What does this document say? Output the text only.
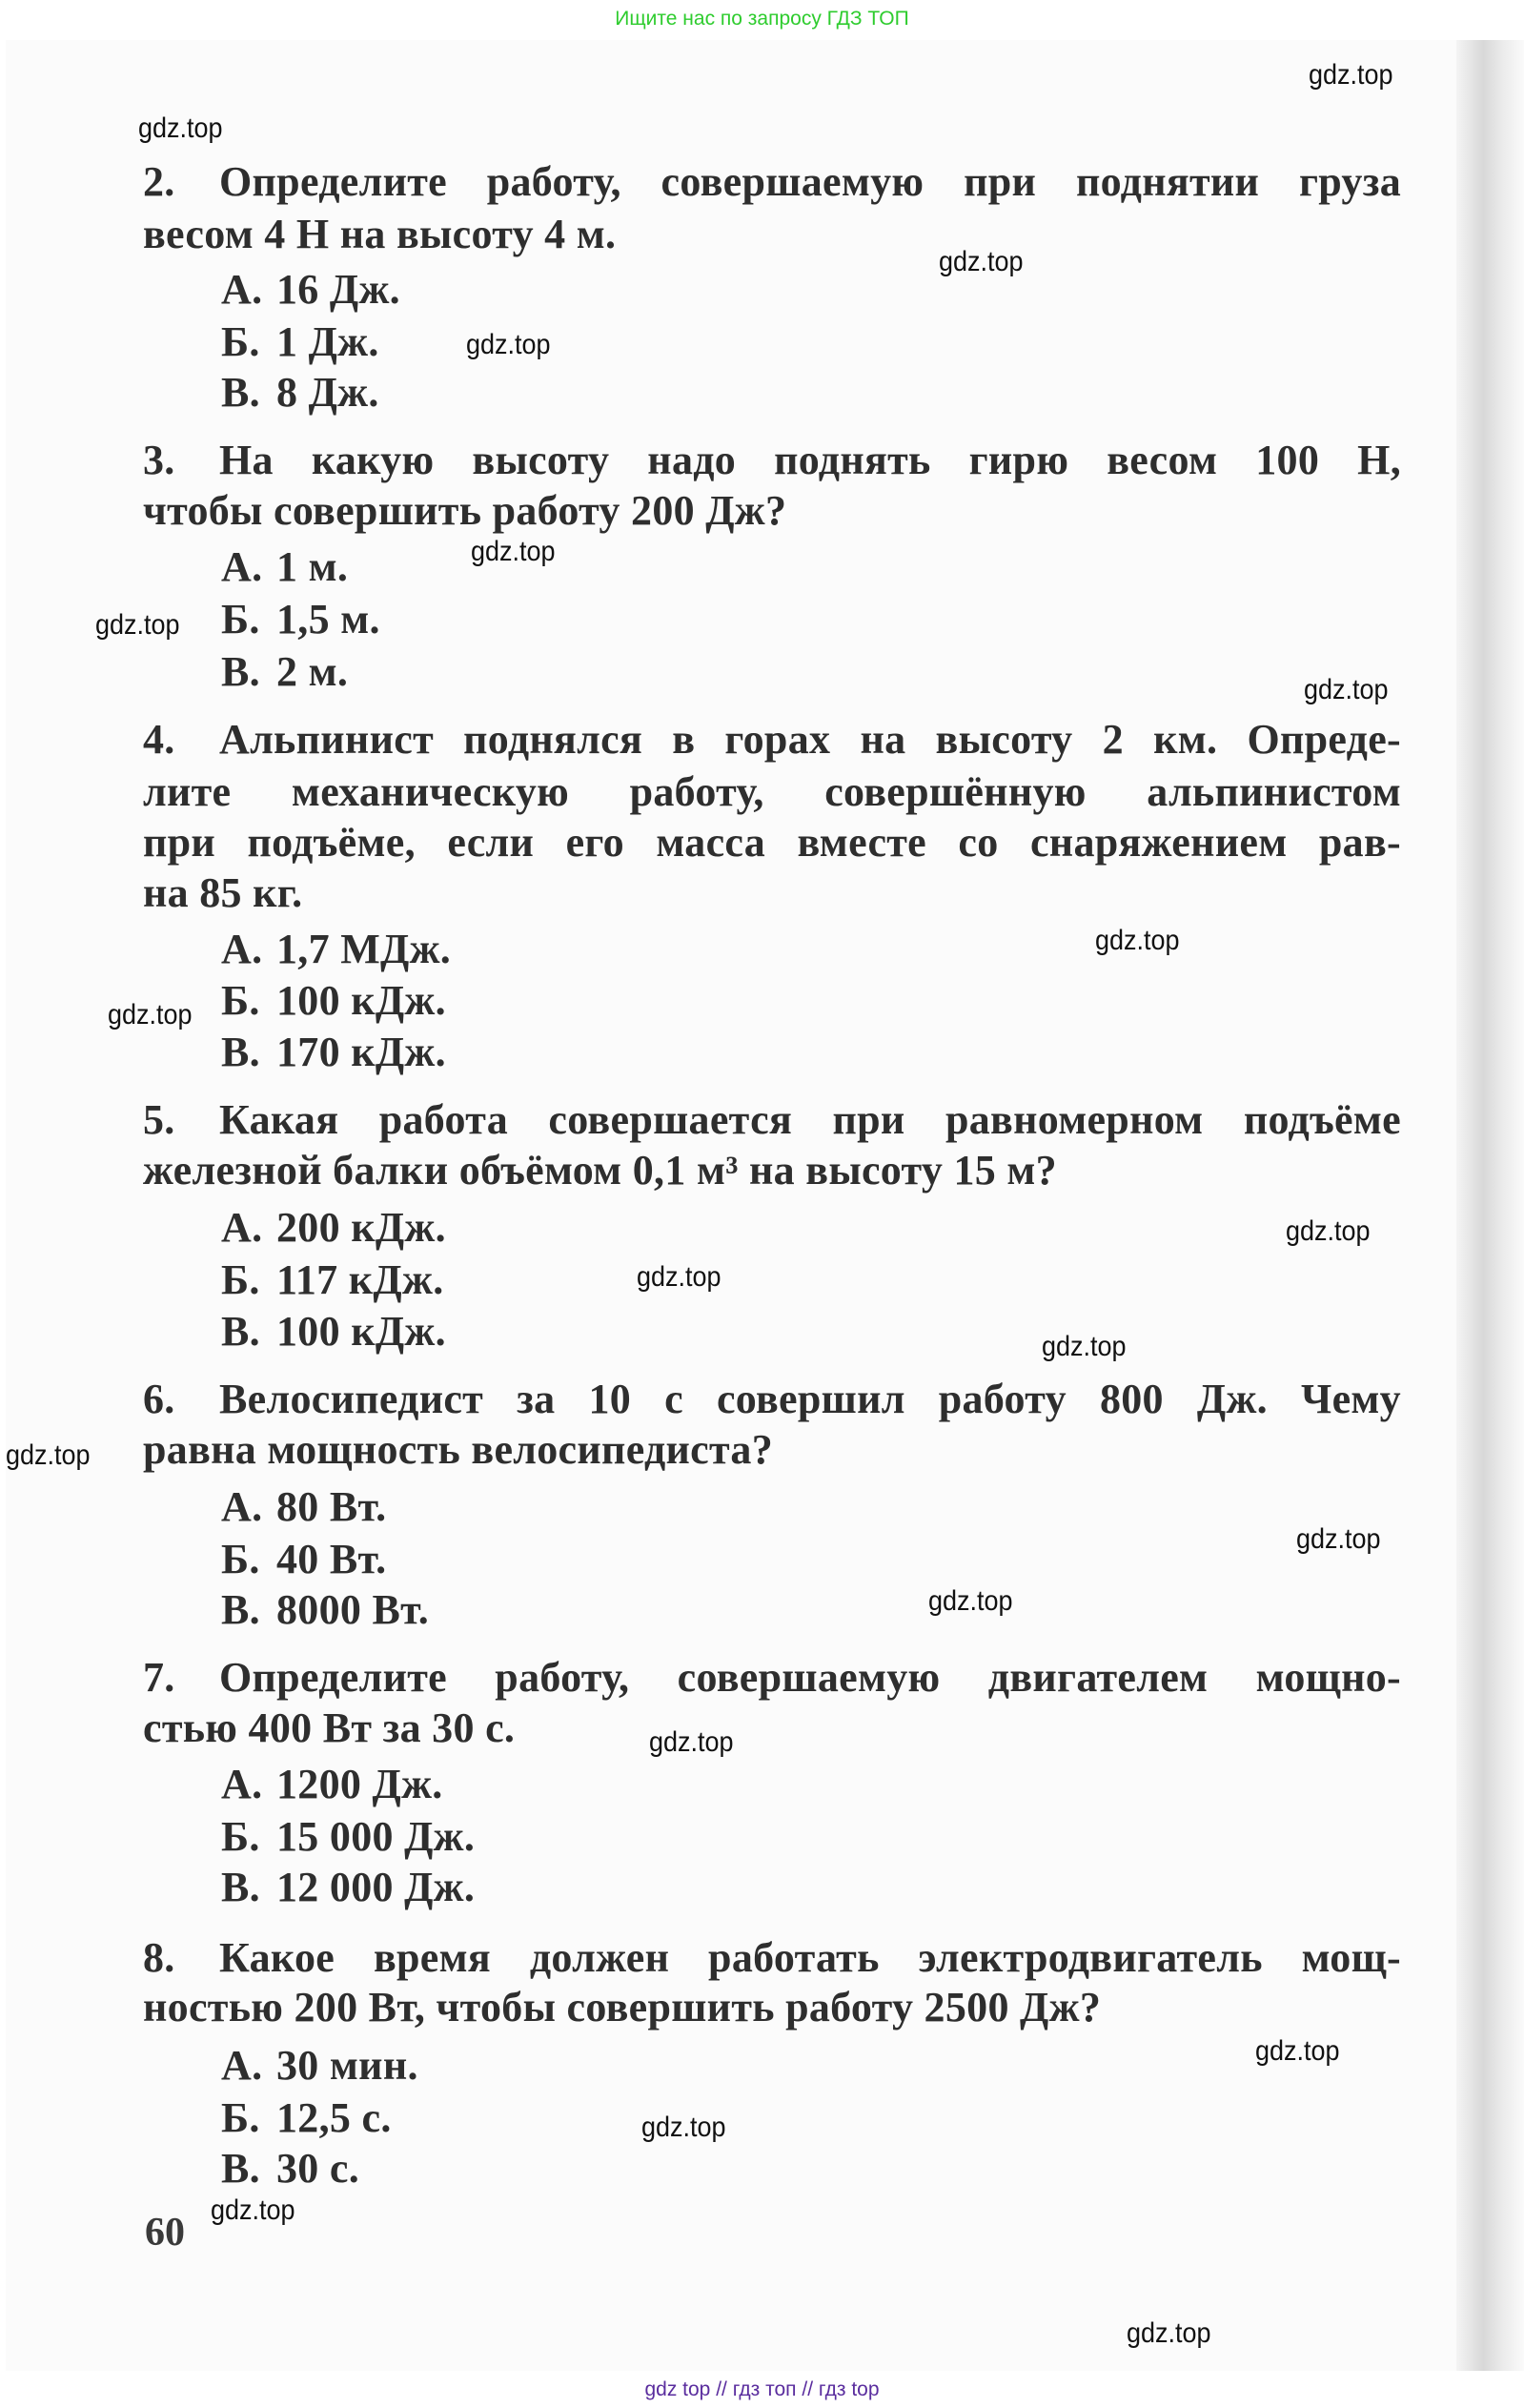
Ищите нас по запросу ГДЗ ТОП
2. Определите работу, совершаемую при поднятии груза
весом 4 Н на высоту 4 м.
А. 16 Дж.
Б. 1 Дж.
В. 8 Дж.
3. На какую высоту надо поднять гирю весом 100 Н,
чтобы совершить работу 200 Дж?
А. 1 м.
Б. 1,5 м.
В. 2 м.
4. Альпинист поднялся в горах на высоту 2 км. Опреде-
лите механическую работу, совершённую альпинистом
при подъёме, если его масса вместе со снаряжением рав-
на 85 кг.
А. 1,7 МДж.
Б. 100 кДж.
В. 170 кДж.
5. Какая работа совершается при равномерном подъёме
железной балки объёмом 0,1 м³ на высоту 15 м?
А. 200 кДж.
Б. 117 кДж.
В. 100 кДж.
6. Велосипедист за 10 с совершил работу 800 Дж. Чему
равна мощность велосипедиста?
А. 80 Вт.
Б. 40 Вт.
В. 8000 Вт.
7. Определите работу, совершаемую двигателем мощно-
стью 400 Вт за 30 с.
А. 1200 Дж.
Б. 15 000 Дж.
В. 12 000 Дж.
8. Какое время должен работать электродвигатель мощ-
ностью 200 Вт, чтобы совершить работу 2500 Дж?
А. 30 мин.
Б. 12,5 с.
В. 30 с.
60
gdz.top
gdz.top
gdz.top
gdz.top
gdz.top
gdz.top
gdz.top
gdz.top
gdz.top
gdz.top
gdz.top
gdz.top
gdz.top
gdz.top
gdz.top
gdz.top
gdz.top
gdz.top
gdz.top
gdz.top
gdz top // гдз топ // гдз top
